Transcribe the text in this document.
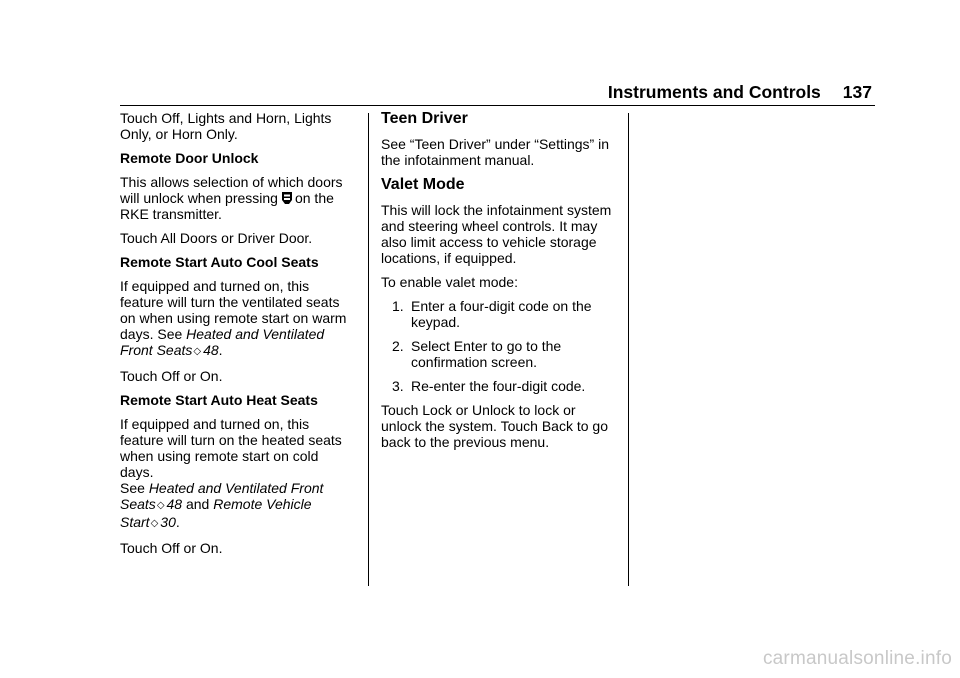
Instruments and Controls 137

Touch Off, Lights and Horn, Lights Only, or Horn Only.

Remote Door Unlock

This allows selection of which doors will unlock when pressing on the RKE transmitter.

Touch All Doors or Driver Door.

Remote Start Auto Cool Seats

If equipped and turned on, this feature will turn the ventilated seats on when using remote start on warm days. See Heated and Ventilated Front Seats◇ 48.

Touch Off or On.

Remote Start Auto Heat Seats

If equipped and turned on, this feature will turn on the heated seats when using remote start on cold days.

See Heated and Ventilated Front Seats◇ 48 and Remote Vehicle Start◇ 30.

Touch Off or On.

Teen Driver

See “Teen Driver” under “Settings” in the infotainment manual.

Valet Mode

This will lock the infotainment system and steering wheel controls. It may also limit access to vehicle storage locations, if equipped.

To enable valet mode:

1. Enter a four-digit code on the keypad.
2. Select Enter to go to the confirmation screen.
3. Re-enter the four-digit code.

Touch Lock or Unlock to lock or unlock the system. Touch Back to go back to the previous menu.

carmanualsonline.info
